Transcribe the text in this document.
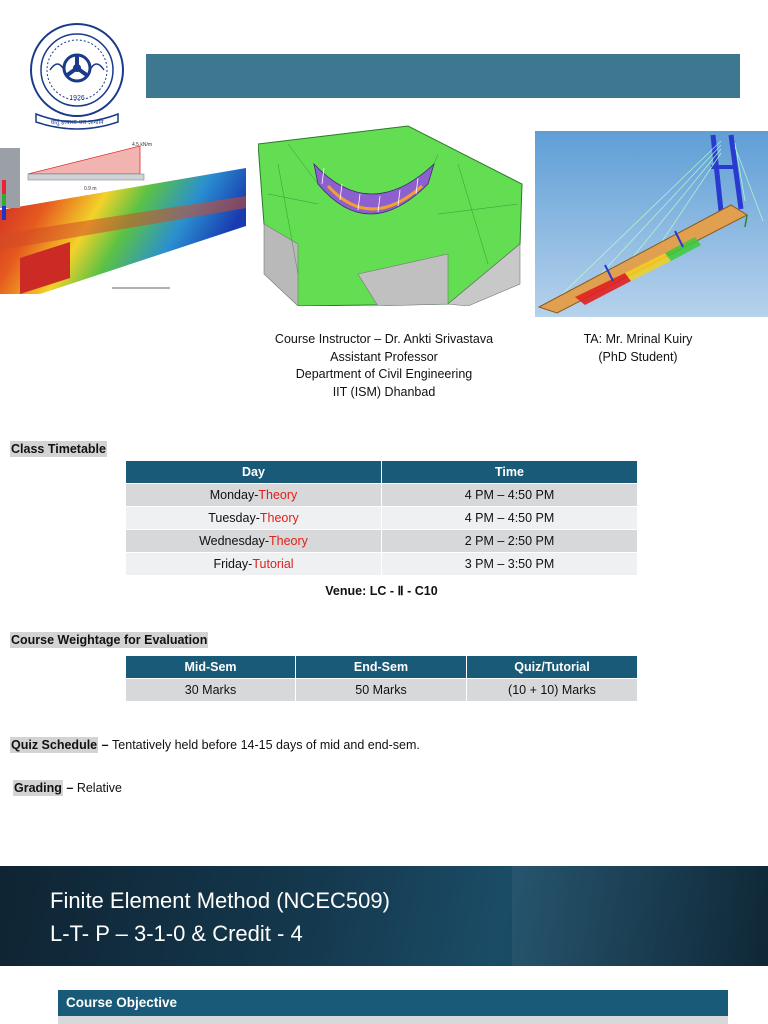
1926
धातुं हत्याशा धरा ज्ञानानि
4.5 kN/m
0.9 m
Course Instructor – Dr. Ankti Srivastava
Assistant Professor
Department of Civil Engineering
IIT (ISM) Dhanbad
TA: Mr. Mrinal Kuiry
(PhD Student)
Class Timetable
Day	Time
Monday-Theory	4 PM – 4:50 PM
Tuesday-Theory	4 PM – 4:50 PM
Wednesday-Theory	2 PM – 2:50 PM
Friday-Tutorial	3 PM – 3:50 PM
Venue: LC - Ⅱ - C10
Course Weightage for Evaluation
Mid-Sem	End-Sem	Quiz/Tutorial
30 Marks	50 Marks	(10 + 10) Marks
Quiz Schedule – Tentatively held before 14-15 days of mid and end-sem.
Grading – Relative
Finite Element Method (NCEC509)
L-T- P – 3-1-0 & Credit - 4
Course Objective
